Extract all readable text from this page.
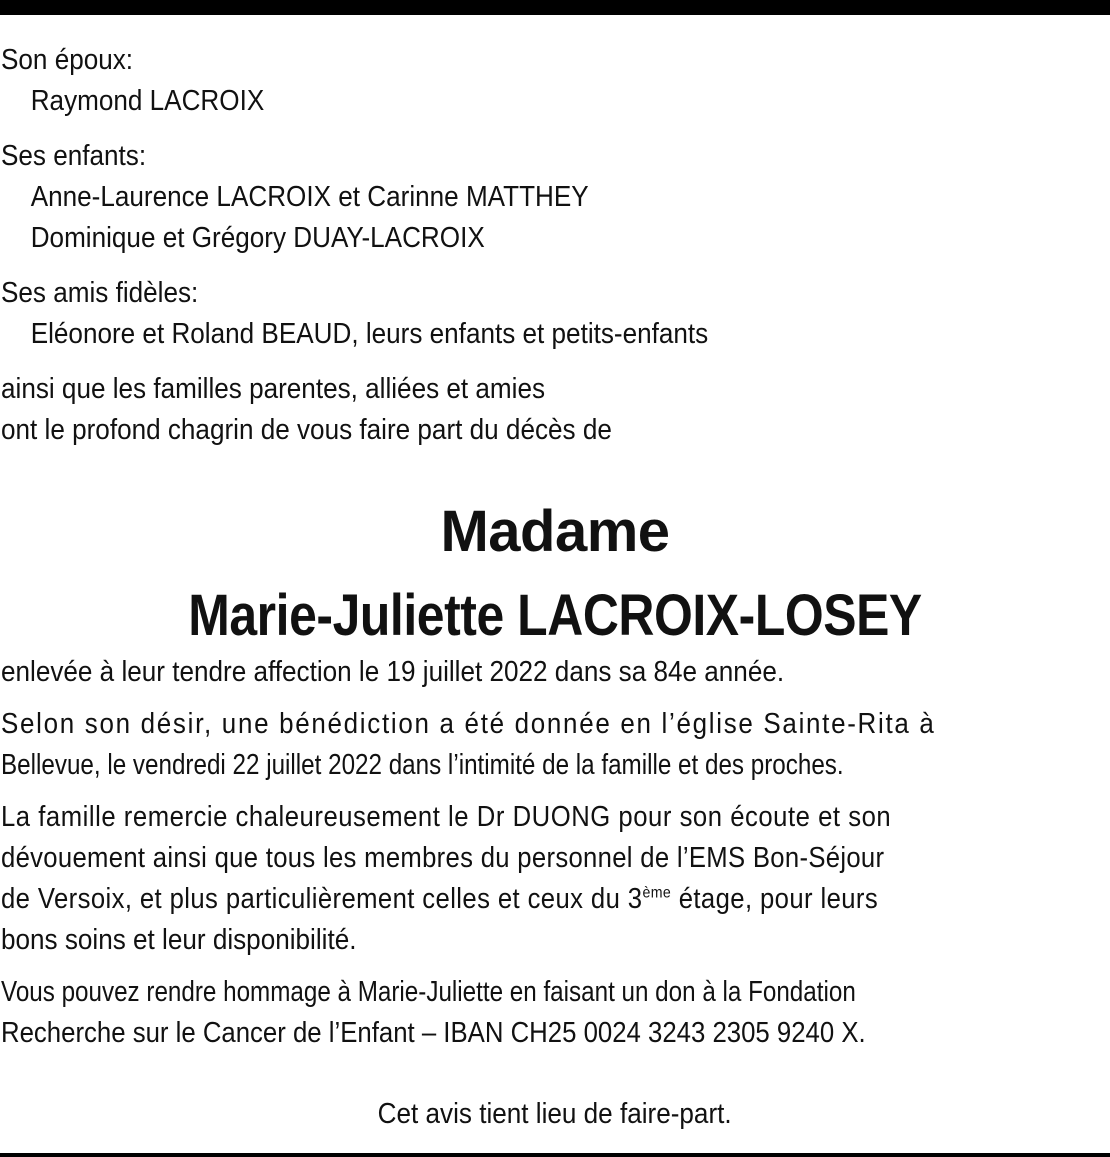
Son époux:

Raymond LACROIX

Ses enfants:

Anne-Laurence LACROIX et Carinne MATTHEY

Dominique et Grégory DUAY-LACROIX

Ses amis fidèles:

Eléonore et Roland BEAUD, leurs enfants et petits-enfants

ainsi que les familles parentes, alliées et amies

ont le profond chagrin de vous faire part du décès de

Madame
Marie-Juliette LACROIX-LOSEY

enlevée à leur tendre affection le 19 juillet 2022 dans sa 84e année.

Selon son désir, une bénédiction a été donnée en l’église Sainte-Rita à
Bellevue, le vendredi 22 juillet 2022 dans l’intimité de la famille et des proches.

La famille remercie chaleureusement le Dr DUONG pour son écoute et son
dévouement ainsi que tous les membres du personnel de l’EMS Bon-Séjour
de Versoix, et plus particulièrement celles et ceux du 3ème étage, pour leurs
bons soins et leur disponibilité.

Vous pouvez rendre hommage à Marie-Juliette en faisant un don à la Fondation
Recherche sur le Cancer de l’Enfant – IBAN CH25 0024 3243 2305 9240 X.

Cet avis tient lieu de faire-part.
